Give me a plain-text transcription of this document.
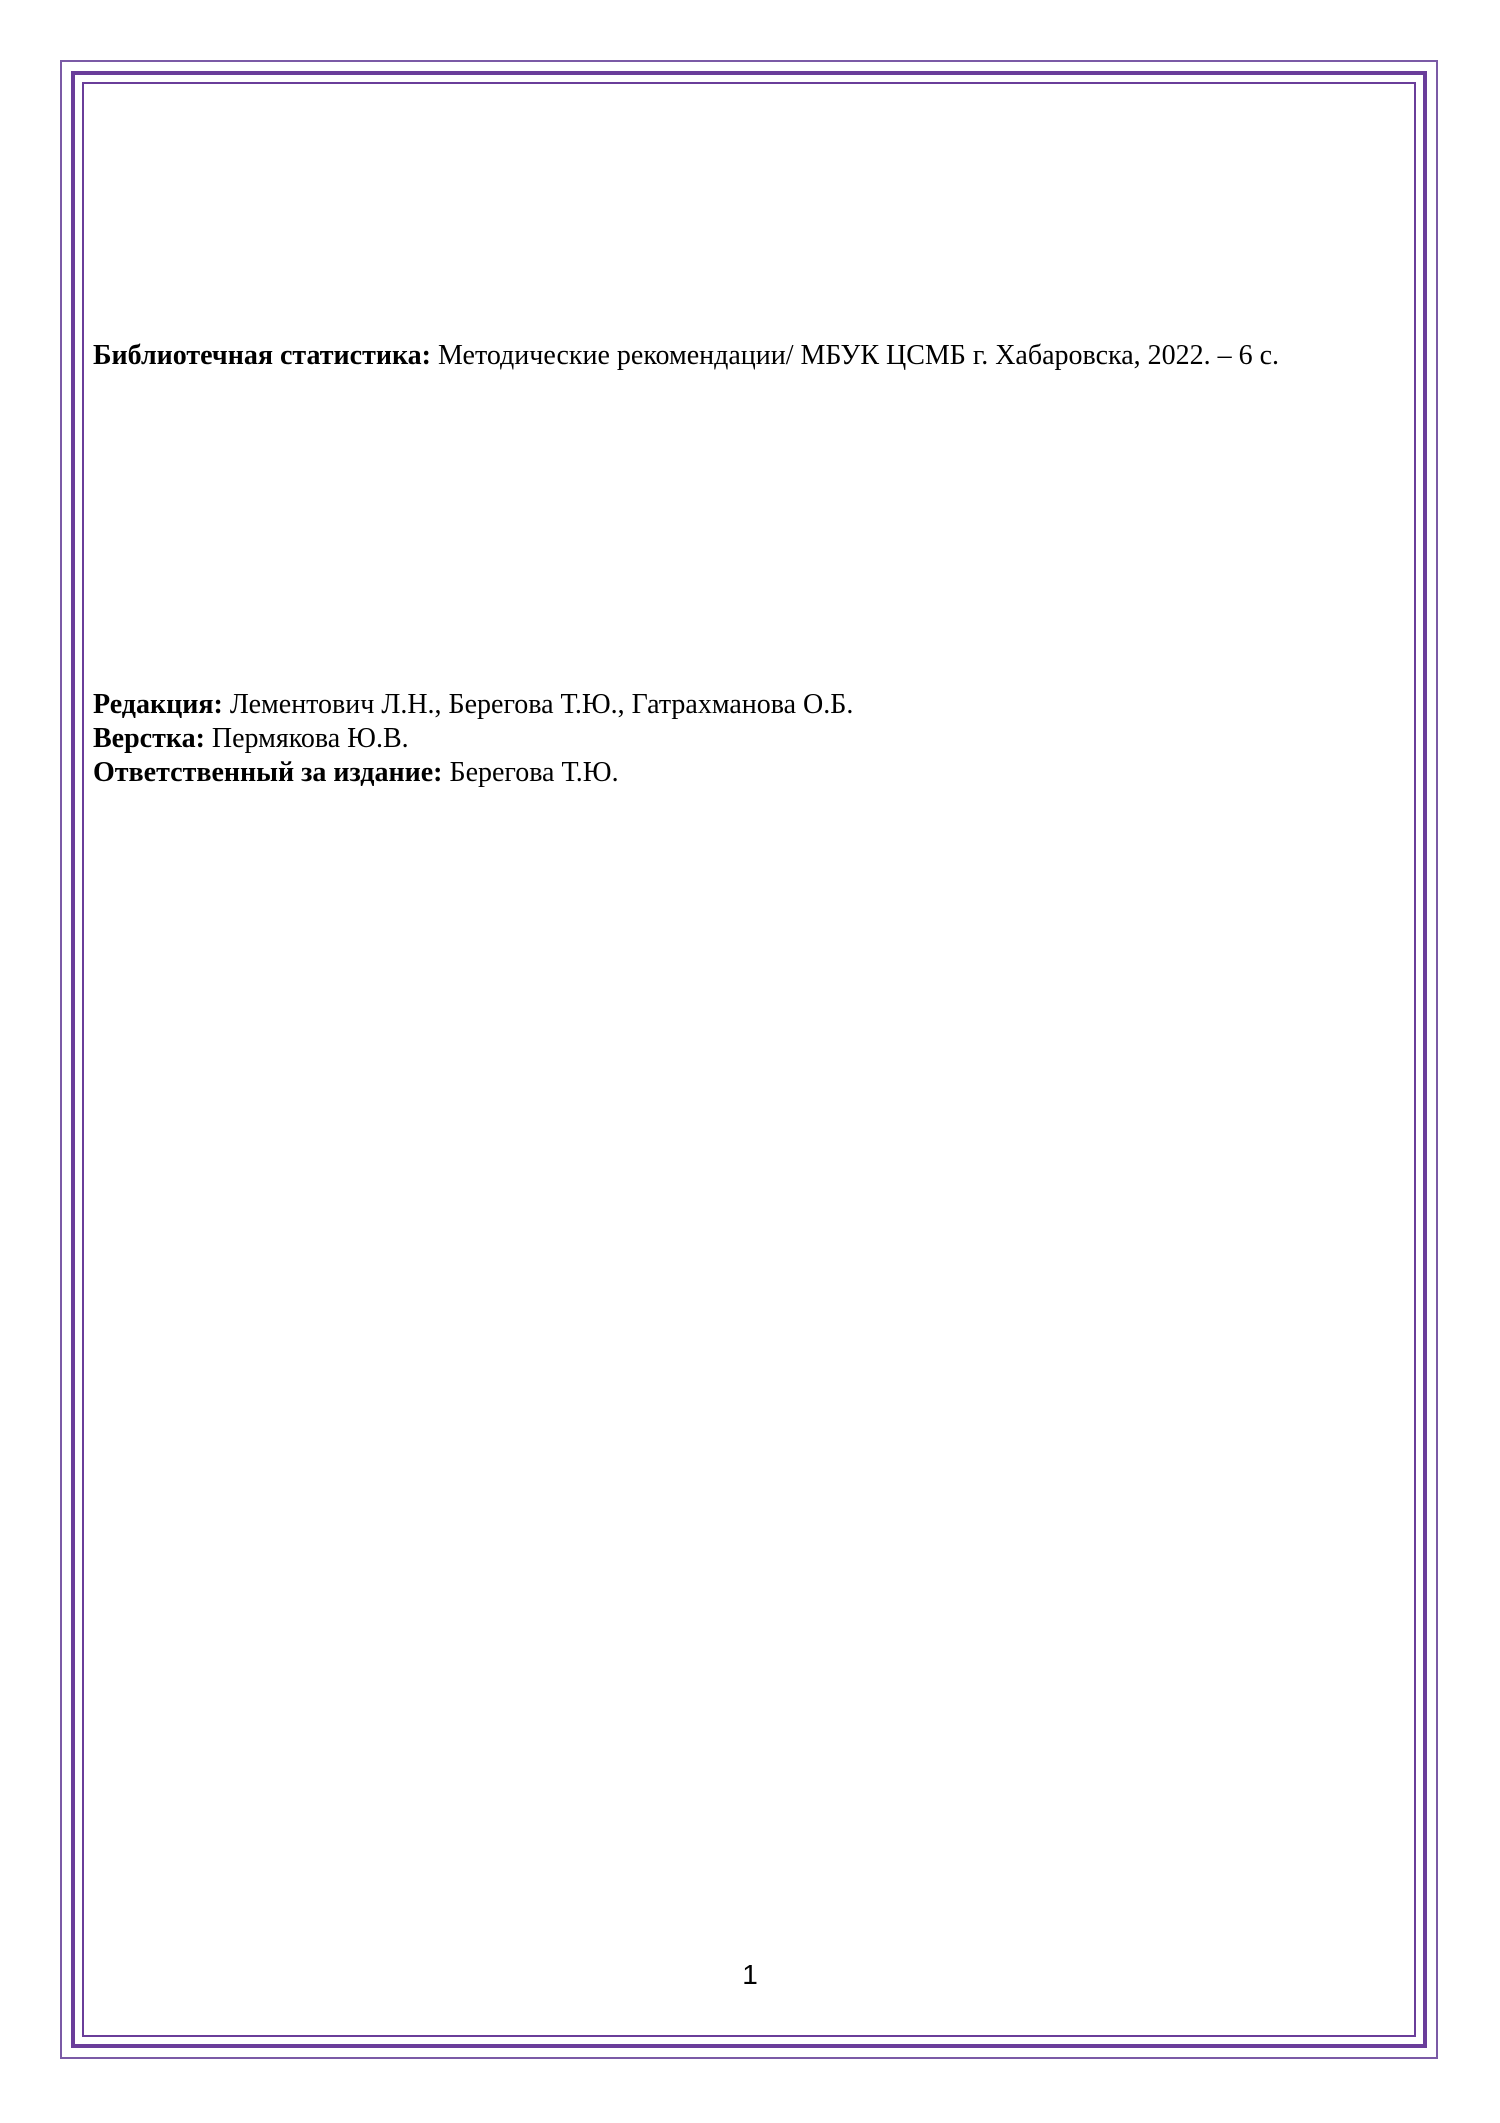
Библиотечная статистика: Методические рекомендации/ МБУК ЦСМБ г. Хабаровска, 2022. – 6 с.
Редакция: Лементович Л.Н., Берегова Т.Ю., Гатрахманова О.Б.
Верстка: Пермякова Ю.В.
Ответственный за издание: Берегова Т.Ю.
1
